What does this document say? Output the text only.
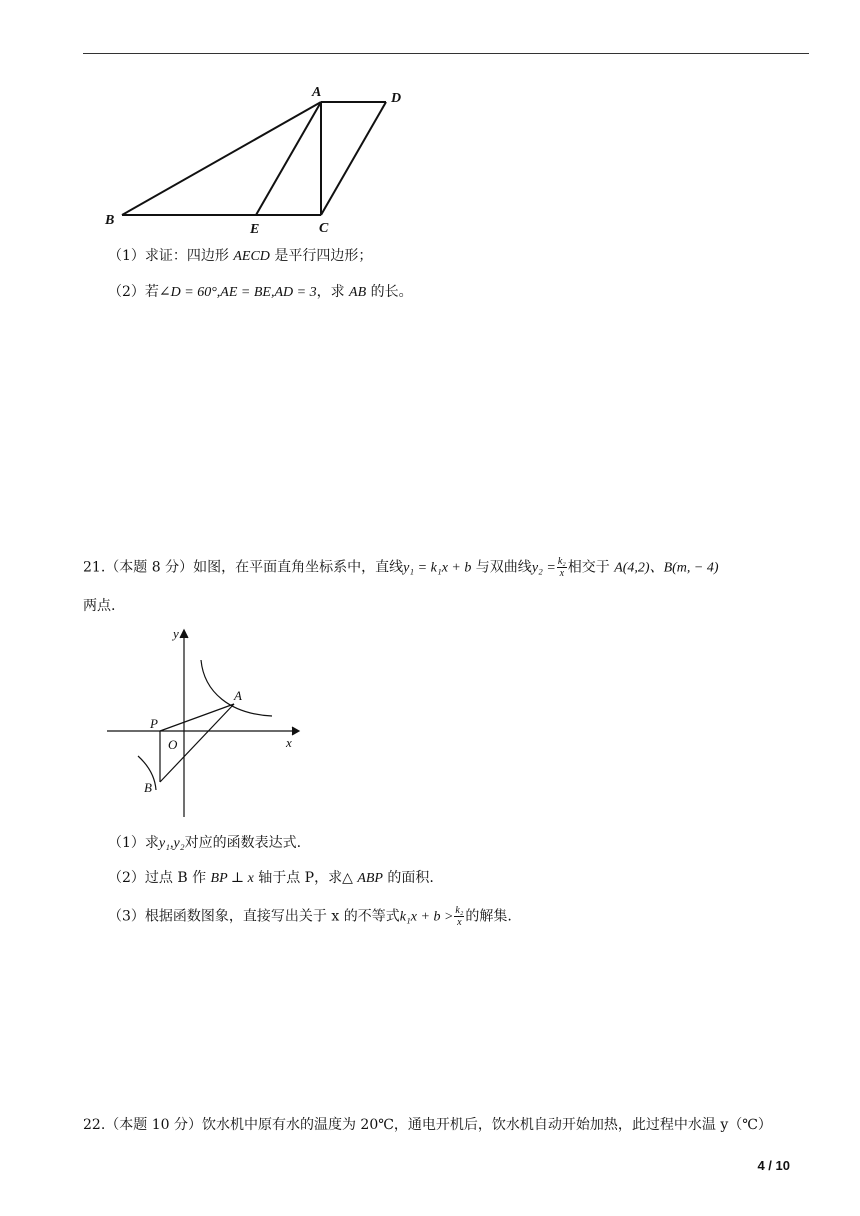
A	D
B
E	C
（1）求证：四边形 AECD 是平行四边形；
（2）若∠D = 60°,AE = BE,AD = 3，求 AB 的长。
21.（本题 8 分）如图，在平面直角坐标系中，直线y₁ = k₁x + b 与双曲线$y_2 = \frac{\text{k₂}}{x}$ 相交于 A(4,2)、B(m, − 4)
两点.
y
x
O
A
P
B
（1）求y₁,y₂对应的函数表达式.
（2）过点 B 作 BP ⊥ x 轴于点 P，求△ ABP 的面积.
（3）根据函数图象，直接写出关于 x 的不等式$k_1x + b > \frac{\text{k₂}}{x}$ 的解集.
22.（本题 10 分）饮水机中原有水的温度为 20℃，通电开机后，饮水机自动开始加热，此过程中水温 y（℃）
4 / 10
